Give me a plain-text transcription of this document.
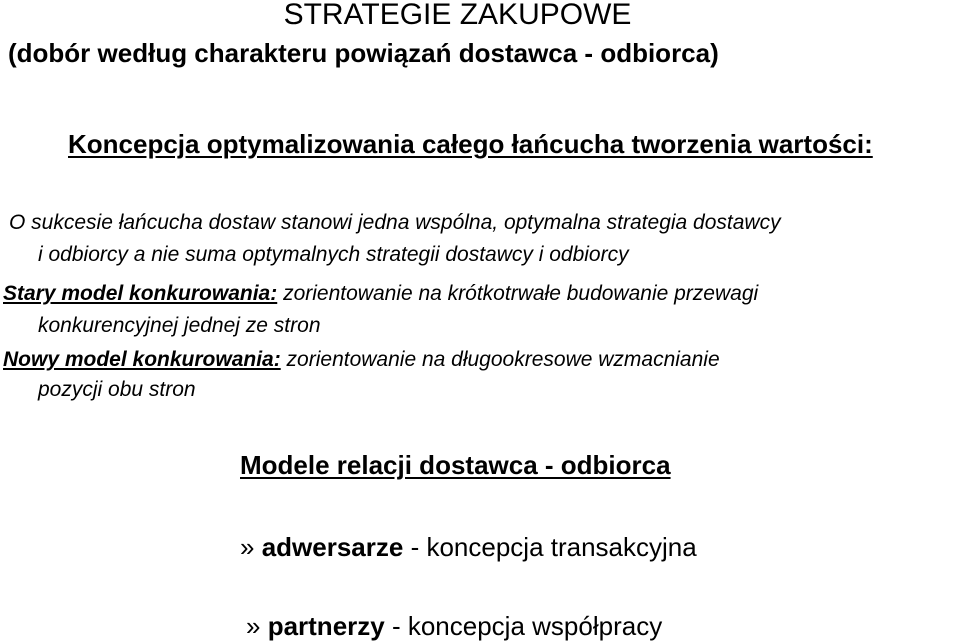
STRATEGIE ZAKUPOWE
(dobór według charakteru powiązań dostawca - odbiorca)
Koncepcja optymalizowania całego łańcucha tworzenia wartości:
O sukcesie łańcucha dostaw stanowi jedna wspólna, optymalna strategia dostawcy
i odbiorcy a nie suma optymalnych strategii dostawcy i odbiorcy
Stary model konkurowania: zorientowanie na krótkotrwałe budowanie przewagi
konkurencyjnej jednej ze stron
Nowy model konkurowania: zorientowanie na długookresowe wzmacnianie
pozycji obu stron
Modele relacji dostawca - odbiorca
» adwersarze - koncepcja transakcyjna
» partnerzy - koncepcja współpracy
